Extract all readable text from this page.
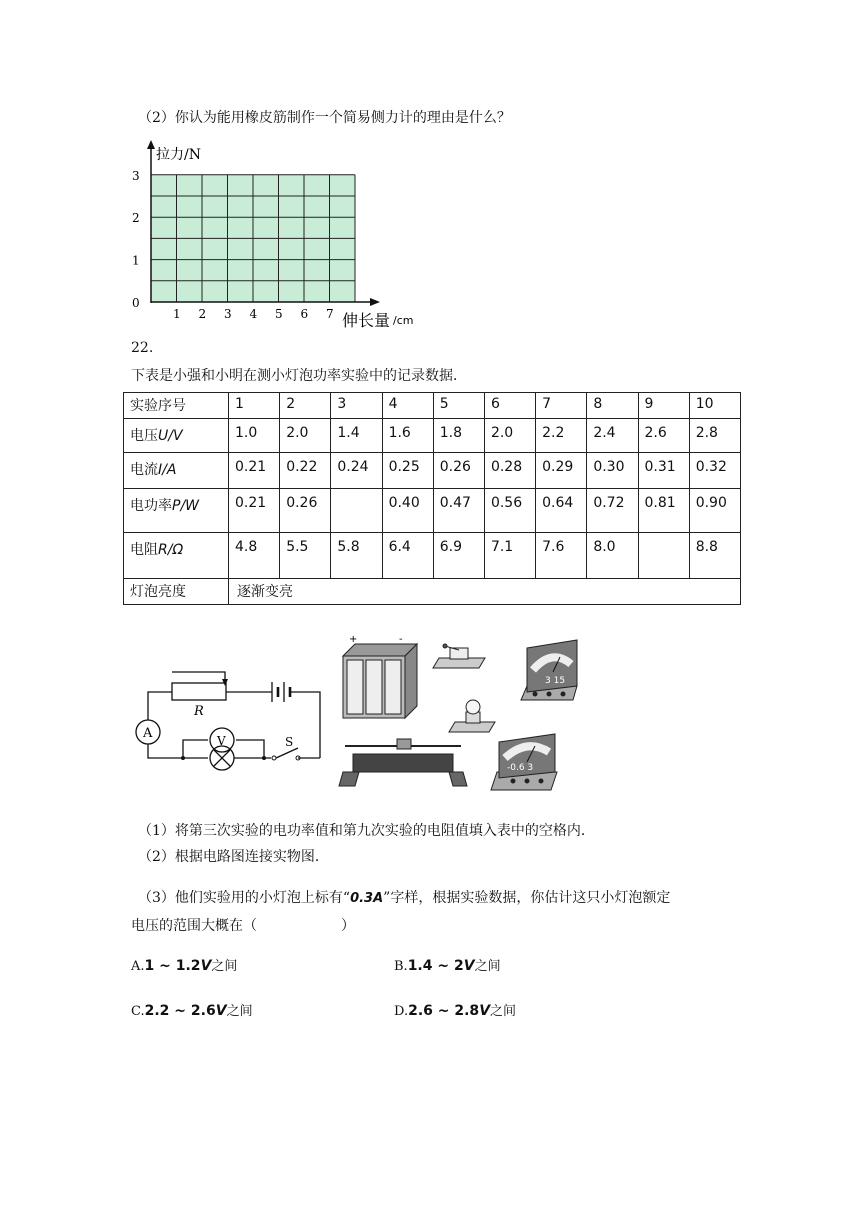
（2）你认为能用橡皮筋制作一个简易侧力计的理由是什么？
0
1
2
3
1 2 3 4 5 6 7
拉力/N
伸长量 /cm
22.
下表是小强和小明在测小灯泡功率实验中的记录数据．
实验序号	1	2	3	4	5	6	7	8	9	10
电压U/V	1.0	2.0	1.4	1.6	1.8	2.0	2.2	2.4	2.6	2.8
电流I/A	0.21	0.22	0.24	0.25	0.26	0.28	0.29	0.30	0.31	0.32
电功率P/W	0.21	0.26		0.40	0.47	0.56	0.64	0.72	0.81	0.90
电阻R/Ω	4.8	5.5	5.8	6.4	6.9	7.1	7.6	8.0		8.8
灯泡亮度	逐渐变亮									
A	V
R
S
+	-
3 15
-0.6 3
（1）将第三次实验的电功率值和第九次实验的电阻值填入表中的空格内．
（2）根据电路图连接实物图．
（3）他们实验用的小灯泡上标有“0.3A”字样，根据实验数据，你估计这只小灯泡额定
电压的范围大概在（　　　　　　）
A.1 ~ 1.2V之间	B.1.4 ~ 2V之间
C.2.2 ~ 2.6V之间	D.2.6 ~ 2.8V之间
